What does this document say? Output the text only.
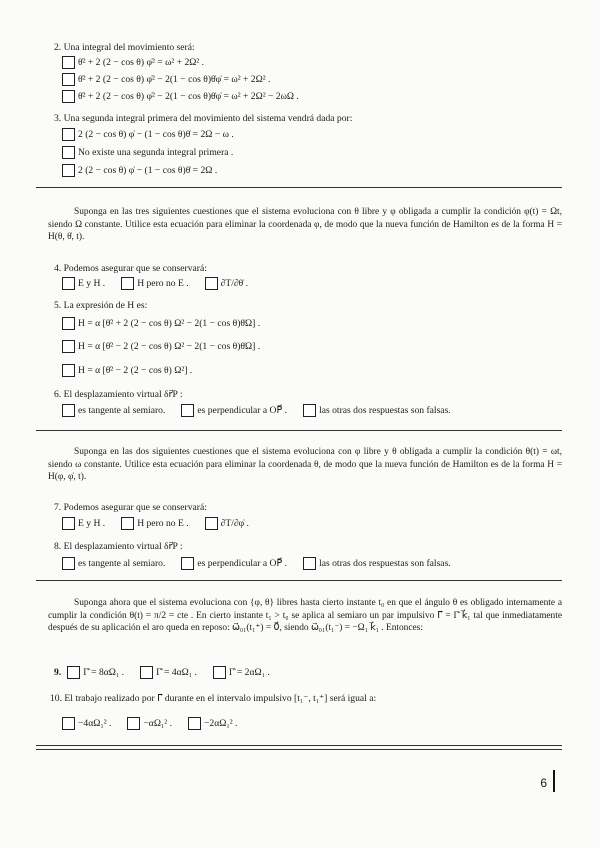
2. Una integral del movimiento será:
θ̇² + 2 (2 − cos θ) φ̇² = ω² + 2Ω² .
θ̇² + 2 (2 − cos θ) φ̇² − 2(1 − cos θ)θ̇φ̇ = ω² + 2Ω² .
θ̇² + 2 (2 − cos θ) φ̇² − 2(1 − cos θ)θ̇φ̇ = ω² + 2Ω² − 2ωΩ .
3. Una segunda integral primera del movimiento del sistema vendrá dada por:
2 (2 − cos θ) φ̇ − (1 − cos θ)θ̇ = 2Ω − ω .
No existe una segunda integral primera .
2 (2 − cos θ) φ̇ − (1 − cos θ)θ̇ = 2Ω .
Suponga en las tres siguientes cuestiones que el sistema evoluciona con θ libre y φ obligada a cumplir la condición φ(t) = Ωt, siendo Ω constante. Utilice esta ecuación para eliminar la coordenada φ, de modo que la nueva función de Hamilton es de la forma H = H(θ, θ̇, t).
4. Podemos asegurar que se conservará:
E y H .	H pero no E .	∂T/∂θ̇ .
5. La expresión de H es:
H = α [θ̇² + 2 (2 − cos θ) Ω² − 2(1 − cos θ)θ̇Ω] .
H = α [θ̇² − 2 (2 − cos θ) Ω² − 2(1 − cos θ)θ̇Ω] .
H = α [θ̇² − 2 (2 − cos θ) Ω²] .
6. El desplazamiento virtual δr⃗P :
es tangente al semiaro.	es perpendicular a OP⃗ .	las otras dos respuestas son falsas.
Suponga en las dos siguientes cuestiones que el sistema evoluciona con φ libre y θ obligada a cumplir la condición θ(t) = ωt, siendo ω constante. Utilice esta ecuación para eliminar la coordenada θ, de modo que la nueva función de Hamilton es de la forma H = H(φ, φ̇, t).
7. Podemos asegurar que se conservará:
E y H .	H pero no E .	∂T/∂φ̇ .
8. El desplazamiento virtual δr⃗P :
es tangente al semiaro.	es perpendicular a OP⃗ .	las otras dos respuestas son falsas.
Suponga ahora que el sistema evoluciona con {φ, θ} libres hasta cierto instante t₀ en que el ángulo θ es obligado internamente a cumplir la condición θ(t) = π/2 = cte . En cierto instante t₁ > t₀ se aplica al semiaro un par impulsivo Γ⃗ = Γ̂ k⃗₁ tal que inmediatamente después de su aplicación el aro queda en reposo: ω⃗₀₁(t₁⁺) = 0⃗, siendo ω⃗₀₁(t₁⁻) = −Ω₁ k⃗₁ . Entonces:
9. Γ̂ = 8αΩ₁ .	Γ̂ = 4αΩ₁ .	Γ̂ = 2αΩ₁ .
10. El trabajo realizado por Γ⃗ durante en el intervalo impulsivo [t₁⁻, t₁⁺] será igual a:
−4αΩ₁² .	−αΩ₁² .	−2αΩ₁² .
6
